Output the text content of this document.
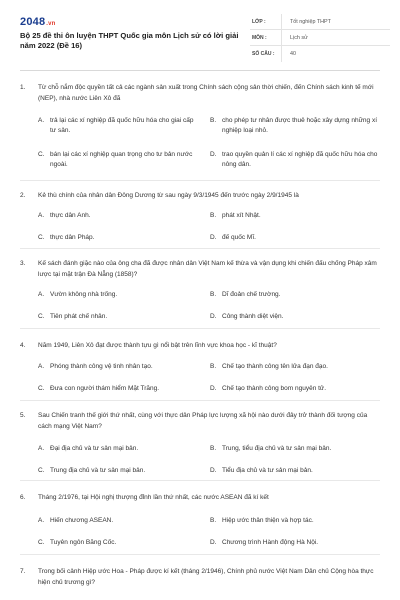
2048.vn
Bộ 25 đề thi ôn luyện THPT Quốc gia môn Lịch sử có lời giải năm 2022 (Đề 16)
LỚP :	Tốt nghiệp THPT
MÔN :	Lịch sử
SỐ CÂU :	40
1.	Từ chỗ nắm độc quyền tất cả các ngành sản xuất trong Chính sách cộng sản thời chiến, đến Chính sách kinh tế mới (NEP), nhà nước Liên Xô đã
A. trả lại các xí nghiệp đã quốc hữu hóa cho giai cấp tư sản.
B. cho phép tư nhân được thuê hoặc xây dựng những xí nghiệp loại nhỏ.
C. bán lại các xí nghiệp quan trọng cho tư bản nước ngoài.
D. trao quyền quản lí các xí nghiệp đã quốc hữu hóa cho nông dân.
2.	Kẻ thù chính của nhân dân Đông Dương từ sau ngày 9/3/1945 đến trước ngày 2/9/1945 là
A. thực dân Anh.	B. phát xít Nhật.
C. thực dân Pháp.	D. đế quốc Mĩ.
3.	Kế sách đánh giặc nào của ông cha đã được nhân dân Việt Nam kế thừa và vận dụng khi chiến đấu chống Pháp xâm lược tại mặt trận Đà Nẵng (1858)?
A. Vườn không nhà trống.	B. Dĩ đoản chế trường.
C. Tiên phát chế nhân.	D. Công thành diệt viện.
4.	Năm 1949, Liên Xô đạt được thành tựu gì nổi bật trên lĩnh vực khoa học - kĩ thuật?
A. Phóng thành công vệ tinh nhân tạo.	B. Chế tạo thành công tên lửa đạn đạo.
C. Đưa con người thám hiểm Mặt Trăng.	D. Chế tạo thành công bom nguyên tử.
5.	Sau Chiến tranh thế giới thứ nhất, cùng với thực dân Pháp lực lượng xã hội nào dưới đây trở thành đối tượng của cách mạng Việt Nam?
A. Đại địa chủ và tư sản mại bản.	B. Trung, tiểu địa chủ và tư sản mại bản.
C. Trung địa chủ và tư sản mại bản.	D. Tiểu địa chủ và tư sản mại bản.
6.	Tháng 2/1976, tại Hội nghị thượng đỉnh lần thứ nhất, các nước ASEAN đã kí kết
A. Hiến chương ASEAN.	B. Hiệp ước thân thiện và hợp tác.
C. Tuyên ngôn Băng Cốc.	D. Chương trình Hành động Hà Nội.
7.	Trong bối cảnh Hiệp ước Hoa - Pháp được kí kết (tháng 2/1946), Chính phủ nước Việt Nam Dân chủ Cộng hòa thực hiện chủ trương gì?
